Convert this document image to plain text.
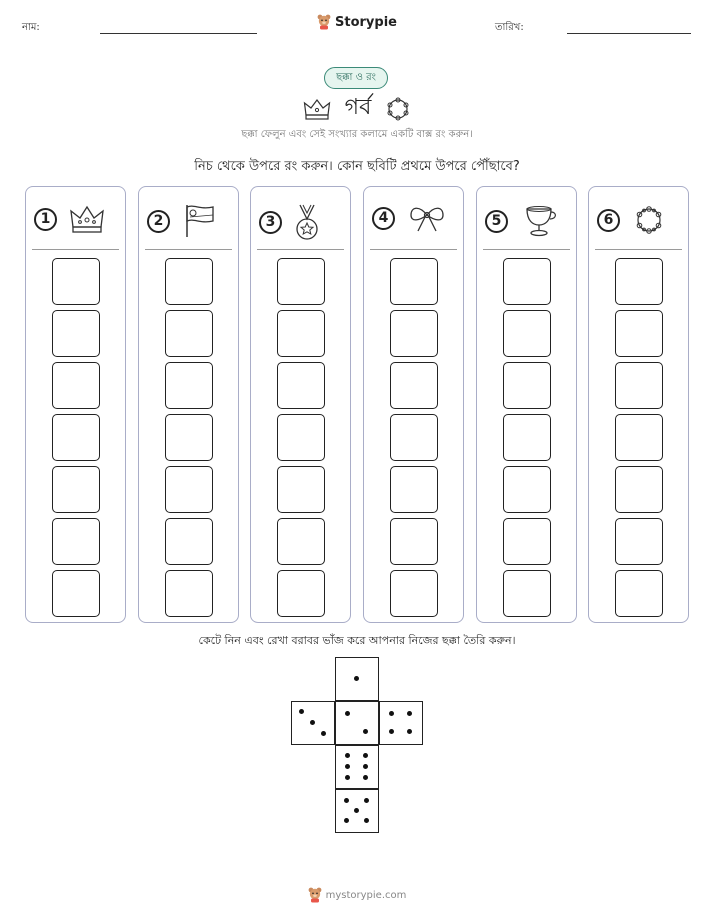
নাম:	Storypie	তারিখ:
ছক্কা ও রং
গর্ব
ছক্কা ফেলুন এবং সেই সংখ্যার কলামে একটি বাক্স রং করুন।
নিচ থেকে উপরে রং করুন। কোন ছবিটি প্রথমে উপরে পৌঁছাবে?
1	2	3	4	5	6
কেটে নিন এবং রেখা বরাবর ভাঁজ করে আপনার নিজের ছক্কা তৈরি করুন।
mystorypie.com
